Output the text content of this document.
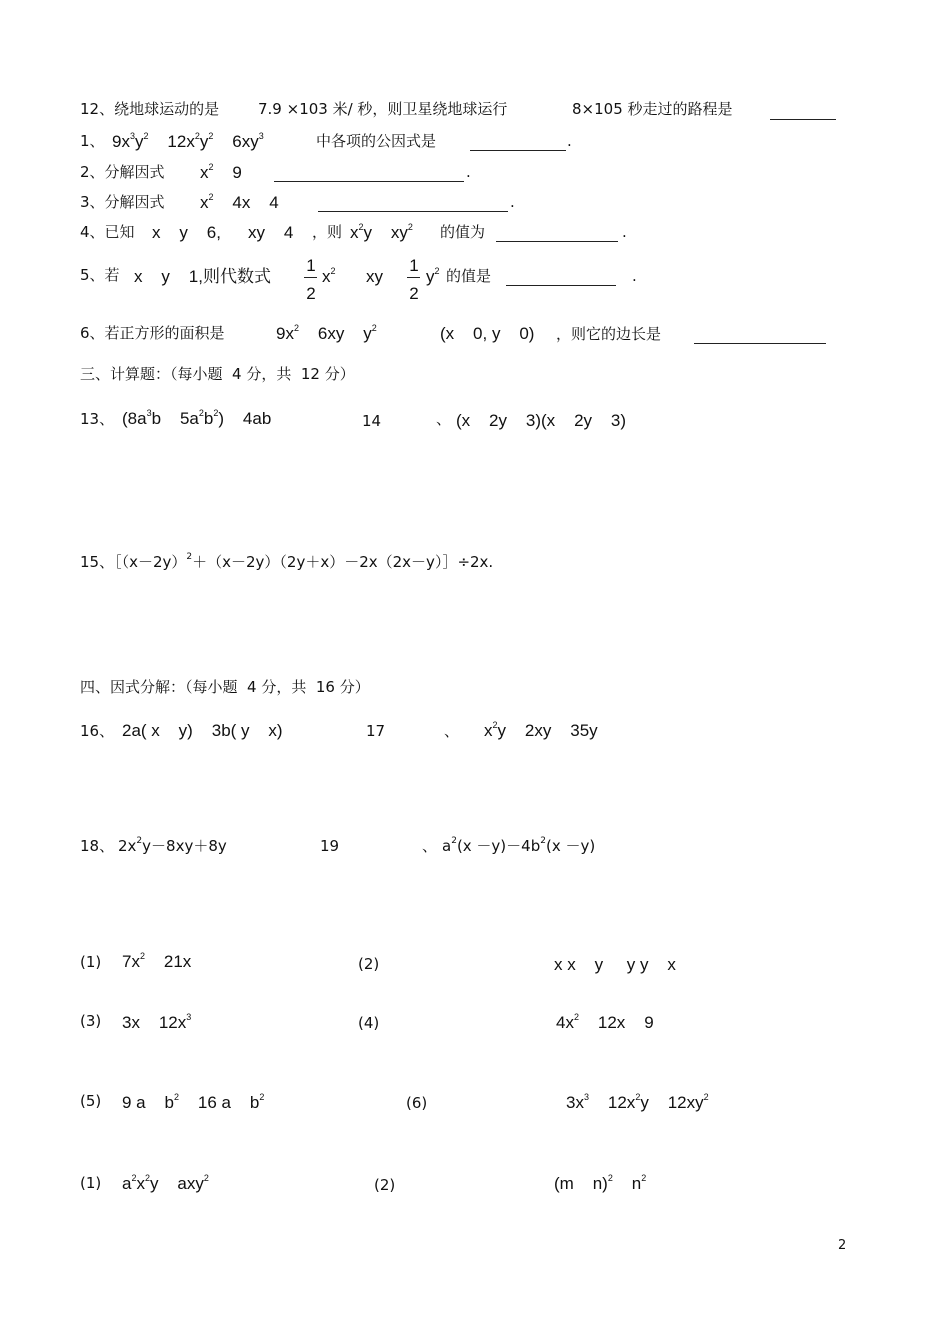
12、绕地球运动的是	7.9 ×103 米/ 秒，则卫星绕地球运行	8×105 秒走过的路程是
1、 $9x^3y^2$ $12x^2y^2$ $6xy^3$	中各项的公因式是	.
2、分解因式 $x^2$ 9	.
3、分解因式 $x^2$ 4x 4	.
4、已知 x    y    6, xy    4 ，则 $x^2y$ $xy^2$ 的值为	.
5、若 x    y    1,则代数式
1
2
$x^2$ xy
1
2
$y^2$ 的值是	.
6、若正方形的面积是	$9x^2$ 6xy $y^2$	(x    0, y    0) ，则它的边长是
三、计算题：（每小题  4 分，共  12 分）
13、 ($8a^3b$    $5a^2b^2$)    4ab	14	、 (x    2y    3)(x    2y    3)
15、$[(x-2y)^2+(x-2y)(2y+x)-2x(2x-y)]\div 2x$.
四、因式分解：（每小题  4 分，共  16 分）
16、 2a( x    y)    3b( y    x)	17	、 $x^2y$    2xy    35y
18、 $2x^2y-8xy+8y$	19	、 $a^2(x -y)-4b^2(x -y)$
(1) $7x^2$ 21x	(2)	x x    y     y y    x
(3) 3x    $12x^3$	(4)	$4x^2$ 12x    9
(5) 9 a    $b^2$ 16 a    $b^2$	(6)	$3x^3$ $12x^2y$    $12xy^2$
(1) $a^2x^2y$    axy$^2$	(2)	(m    n)$^2$ $n^2$
2
